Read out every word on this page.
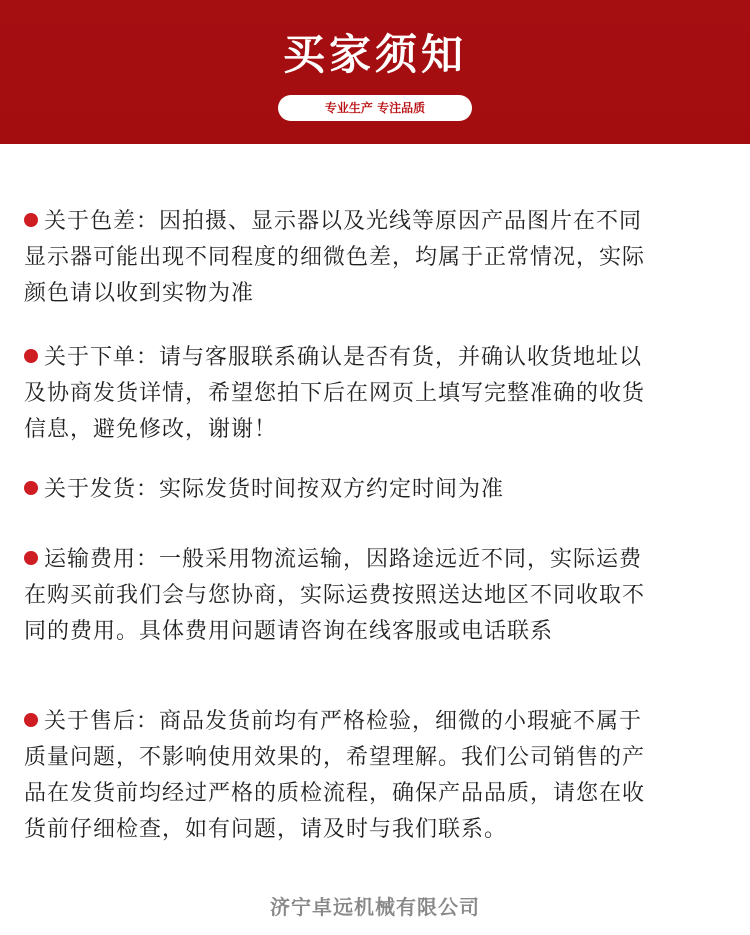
买家须知
专业生产 专注品质
关于色差：因拍摄、显示器以及光线等原因产品图片在不同
显示器可能出现不同程度的细微色差，均属于正常情况，实际
颜色请以收到实物为准
关于下单：请与客服联系确认是否有货，并确认收货地址以
及协商发货详情，希望您拍下后在网页上填写完整准确的收货
信息，避免修改，谢谢！
关于发货：实际发货时间按双方约定时间为准
运输费用：一般采用物流运输，因路途远近不同，实际运费
在购买前我们会与您协商，实际运费按照送达地区不同收取不
同的费用。具体费用问题请咨询在线客服或电话联系
关于售后：商品发货前均有严格检验，细微的小瑕疵不属于
质量问题，不影响使用效果的，希望理解。我们公司销售的产
品在发货前均经过严格的质检流程，确保产品品质，请您在收
货前仔细检查，如有问题，请及时与我们联系。
济宁卓远机械有限公司
